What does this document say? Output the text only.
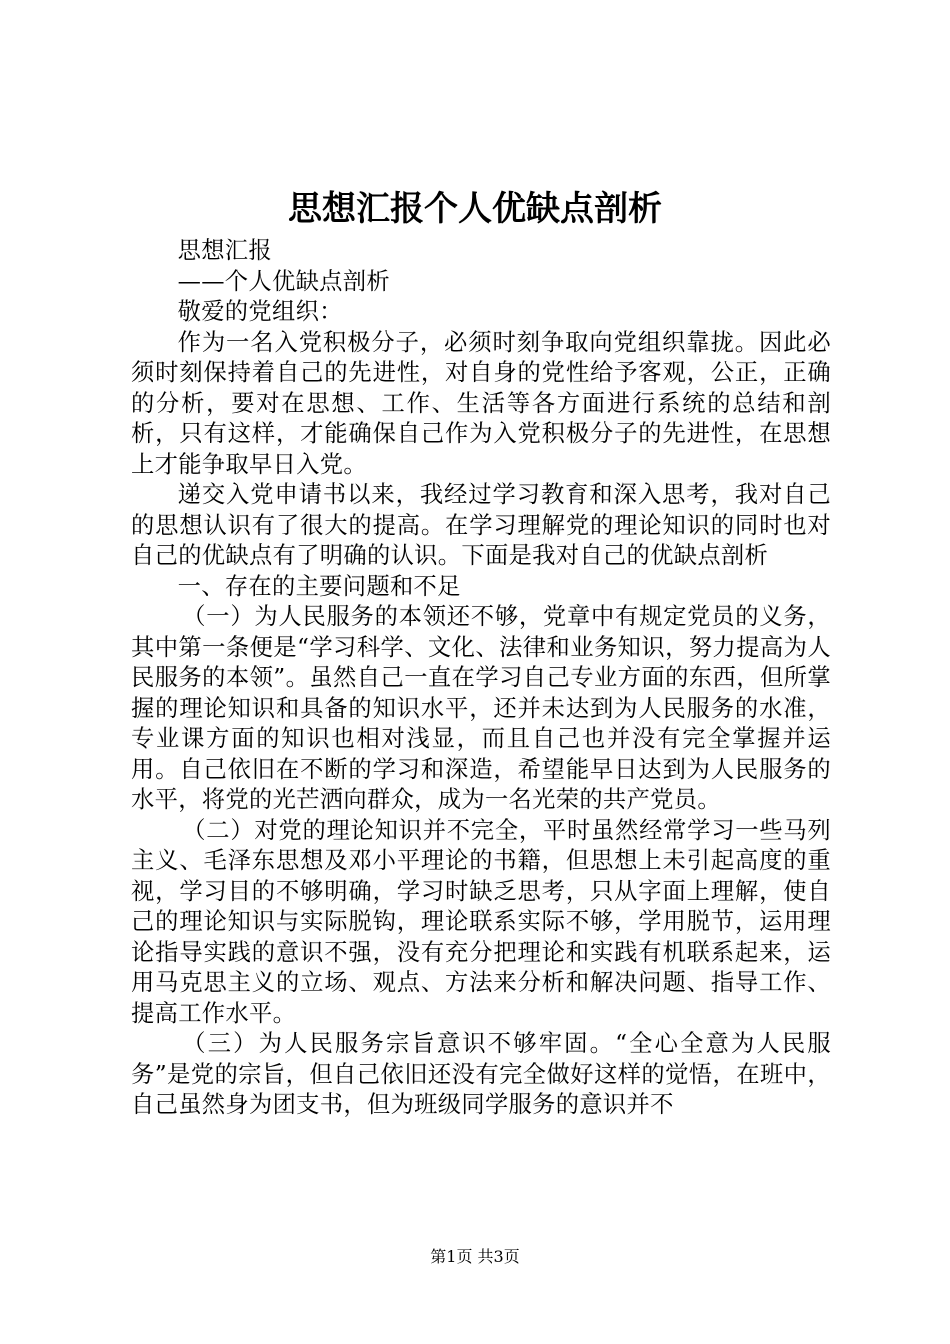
思想汇报个人优缺点剖析

思想汇报

——个人优缺点剖析

敬爱的党组织：

作为一名入党积极分子，必须时刻争取向党组织靠拢。因此必须时刻保持着自己的先进性，对自身的党性给予客观，公正，正确的分析，要对在思想、工作、生活等各方面进行系统的总结和剖析，只有这样，才能确保自己作为入党积极分子的先进性，在思想上才能争取早日入党。

递交入党申请书以来，我经过学习教育和深入思考，我对自己的思想认识有了很大的提高。在学习理解党的理论知识的同时也对自己的优缺点有了明确的认识。下面是我对自己的优缺点剖析

一、存在的主要问题和不足

（一）为人民服务的本领还不够，党章中有规定党员的义务，其中第一条便是“学习科学、文化、法律和业务知识，努力提高为人民服务的本领”。虽然自己一直在学习自己专业方面的东西，但所掌握的理论知识和具备的知识水平，还并未达到为人民服务的水准，专业课方面的知识也相对浅显，而且自己也并没有完全掌握并运用。自己依旧在不断的学习和深造，希望能早日达到为人民服务的水平，将党的光芒洒向群众，成为一名光荣的共产党员。

（二）对党的理论知识并不完全，平时虽然经常学习一些马列主义、毛泽东思想及邓小平理论的书籍，但思想上未引起高度的重视，学习目的不够明确，学习时缺乏思考，只从字面上理解，使自己的理论知识与实际脱钩，理论联系实际不够，学用脱节，运用理论指导实践的意识不强，没有充分把理论和实践有机联系起来，运用马克思主义的立场、观点、方法来分析和解决问题、指导工作、提高工作水平。

（三）为人民服务宗旨意识不够牢固。“全心全意为人民服务”是党的宗旨，但自己依旧还没有完全做好这样的觉悟，在班中，自己虽然身为团支书，但为班级同学服务的意识并不

第1页 共3页
